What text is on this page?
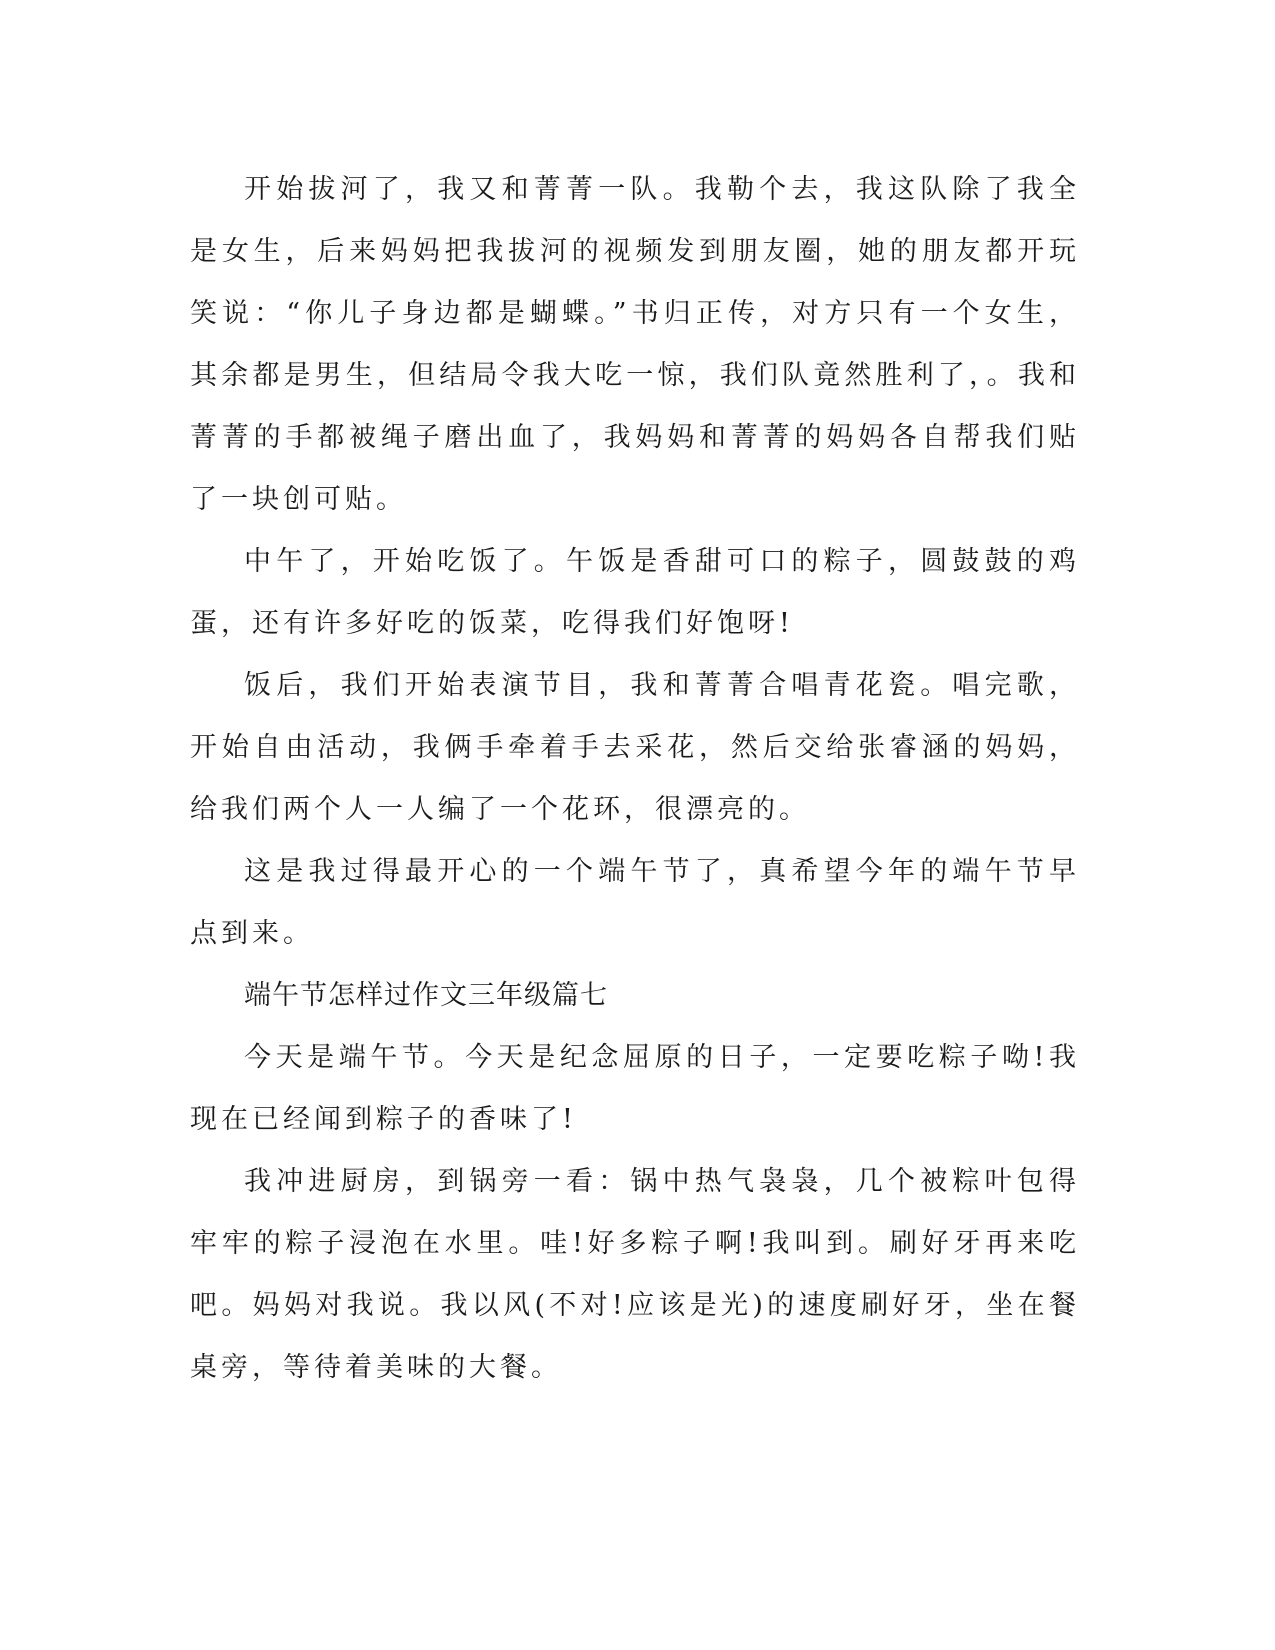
开始拔河了，我又和菁菁一队。我勒个去，我这队除了我全是女生，后来妈妈把我拔河的视频发到朋友圈，她的朋友都开玩笑说：“你儿子身边都是蝴蝶。”书归正传，对方只有一个女生，其余都是男生，但结局令我大吃一惊，我们队竟然胜利了，。我和菁菁的手都被绳子磨出血了，我妈妈和菁菁的妈妈各自帮我们贴了一块创可贴。

中午了，开始吃饭了。午饭是香甜可口的粽子，圆鼓鼓的鸡蛋，还有许多好吃的饭菜，吃得我们好饱呀!

饭后，我们开始表演节目，我和菁菁合唱青花瓷。唱完歌，开始自由活动，我俩手牵着手去采花，然后交给张睿涵的妈妈，给我们两个人一人编了一个花环，很漂亮的。

这是我过得最开心的一个端午节了，真希望今年的端午节早点到来。

端午节怎样过作文三年级篇七

今天是端午节。今天是纪念屈原的日子，一定要吃粽子呦!我现在已经闻到粽子的香味了!

我冲进厨房，到锅旁一看：锅中热气袅袅，几个被粽叶包得牢牢的粽子浸泡在水里。哇!好多粽子啊!我叫到。刷好牙再来吃吧。妈妈对我说。我以风(不对!应该是光)的速度刷好牙，坐在餐桌旁，等待着美味的大餐。
